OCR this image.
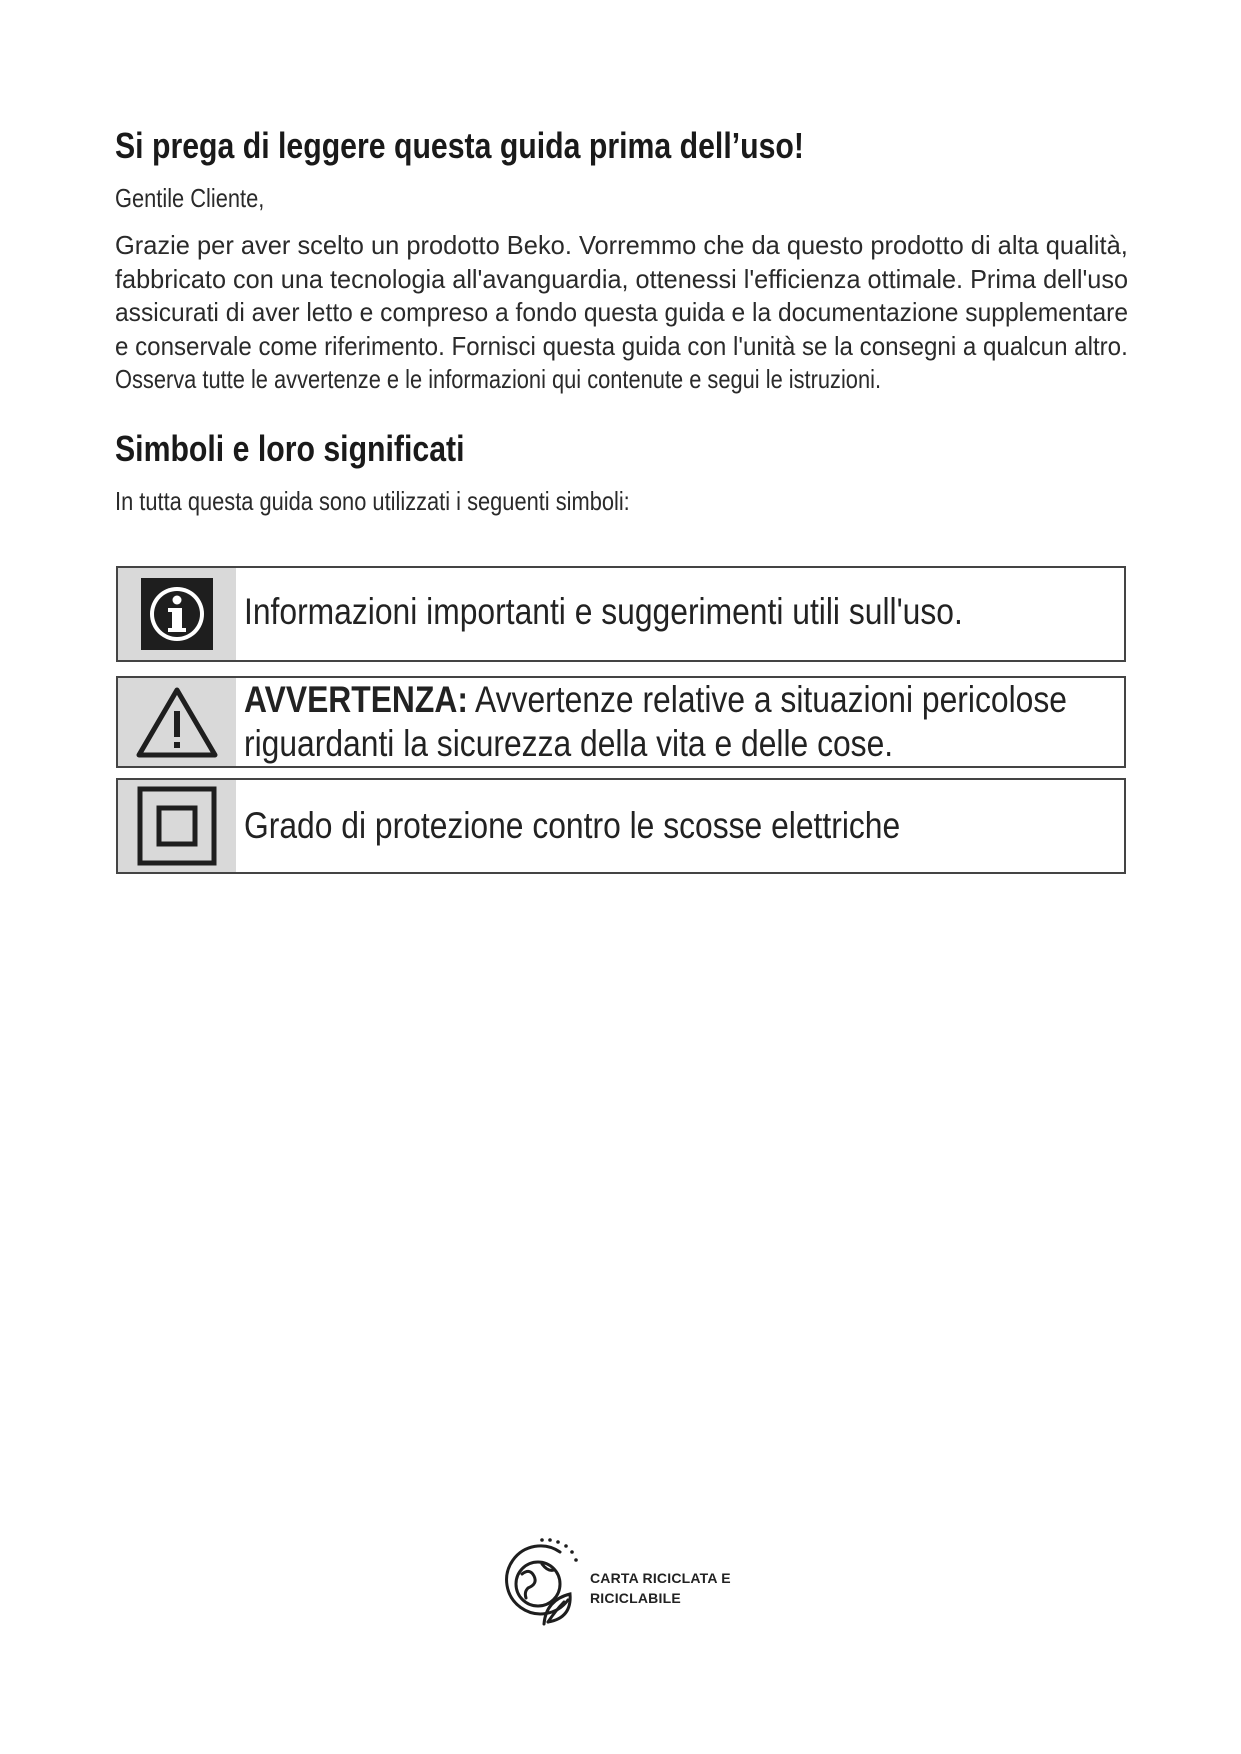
Si prega di leggere questa guida prima dell’uso!
Gentile Cliente,
Grazie per aver scelto un prodotto Beko. Vorremmo che da questo prodotto di alta qualità,
fabbricato con una tecnologia all'avanguardia, ottenessi l'efficienza ottimale. Prima dell'uso
assicurati di aver letto e compreso a fondo questa guida e la documentazione supplementare
e conservale come riferimento. Fornisci questa guida con l'unità se la consegni a qualcun altro.
Osserva tutte le avvertenze e le informazioni qui contenute e segui le istruzioni.
Simboli e loro significati
In tutta questa guida sono utilizzati i seguenti simboli:
Informazioni importanti e suggerimenti utili sull'uso.
AVVERTENZA: Avvertenze relative a situazioni pericolose
riguardanti la sicurezza della vita e delle cose.
Grado di protezione contro le scosse elettriche
CARTA RICICLATA E
RICICLABILE
